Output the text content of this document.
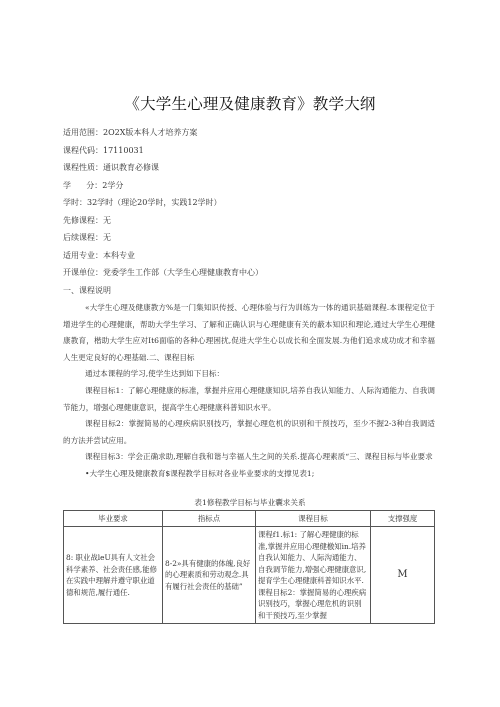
《大学生心理及健康教育》教学大纲
适用范围：2O2X版本科人才培养方案
课程代码：17110031
课程性质：通识教育必修课
学      分：2学分
学时：32学时（理论20学时，实践12学时）
先修课程：无
后续课程：无
适用专业：本科专业
开课单位：党委学生工作部（大学生心理健康教育中心）
一、课程说明
«大学生心理及健康教方%是一门集知识传授、心理体验与行为训练为一体的通识基础课程.本课程定位于增进学生的心理健康，帮助大学生学习、了解和正确认识与心理健康有关的蔽本知识和理论,通过大学生心理健康教育，楷助大学生应对It6面临的各种心理困扰,促进大学生心以成长和全面发展.为他们追求成功成才和幸福人生更定良好的心理基础.二、课程目标
通过本课程的学习,使学生达到如下目标：
课程目标1：了解心理健康的标准，掌握并应用心理健康知识,培养自我认知能力、人际沟通能力、自我调节能力，增强心理健康意识，提高学生心理健康科普知识水平。
课程目标2：掌握简易的心理疾病识别技巧，掌握心理危机的识别和干预技巧，至少不握2-3种自我调适的方法并尝试应用。
课程目标3：学会正确求助,理解自我和谐与幸福人生之间的关系.提高心理素质“三、课程目标与毕业要求
•大学生心理及健康教育$课程教学目标对各业毕业要求的支撑见表1;
表1修程教学目标与毕业囊求关系
毕业要求	指标点	课程目标	支撑强度
8: 职业战leU具有人文社会科学素养、社会责任感,能修在实践中理解并遵守职业道德和规范,履行通任.	8-2»具有健康的体魄,良好的心理素质和劳动观念.具有履行社会责任的基础”	课程f1.标1: 了解心理健康的标准,掌握并应用心理健檄知in.培养自我认知能力、人际沟通能力、自我调节能力,增强心理健康意识,提育学生心理健康科普知识水平.课程目标2：掌握简易的心理疾病识别技巧，掌握心理危机的识别和干预技巧,至少掌握	M
